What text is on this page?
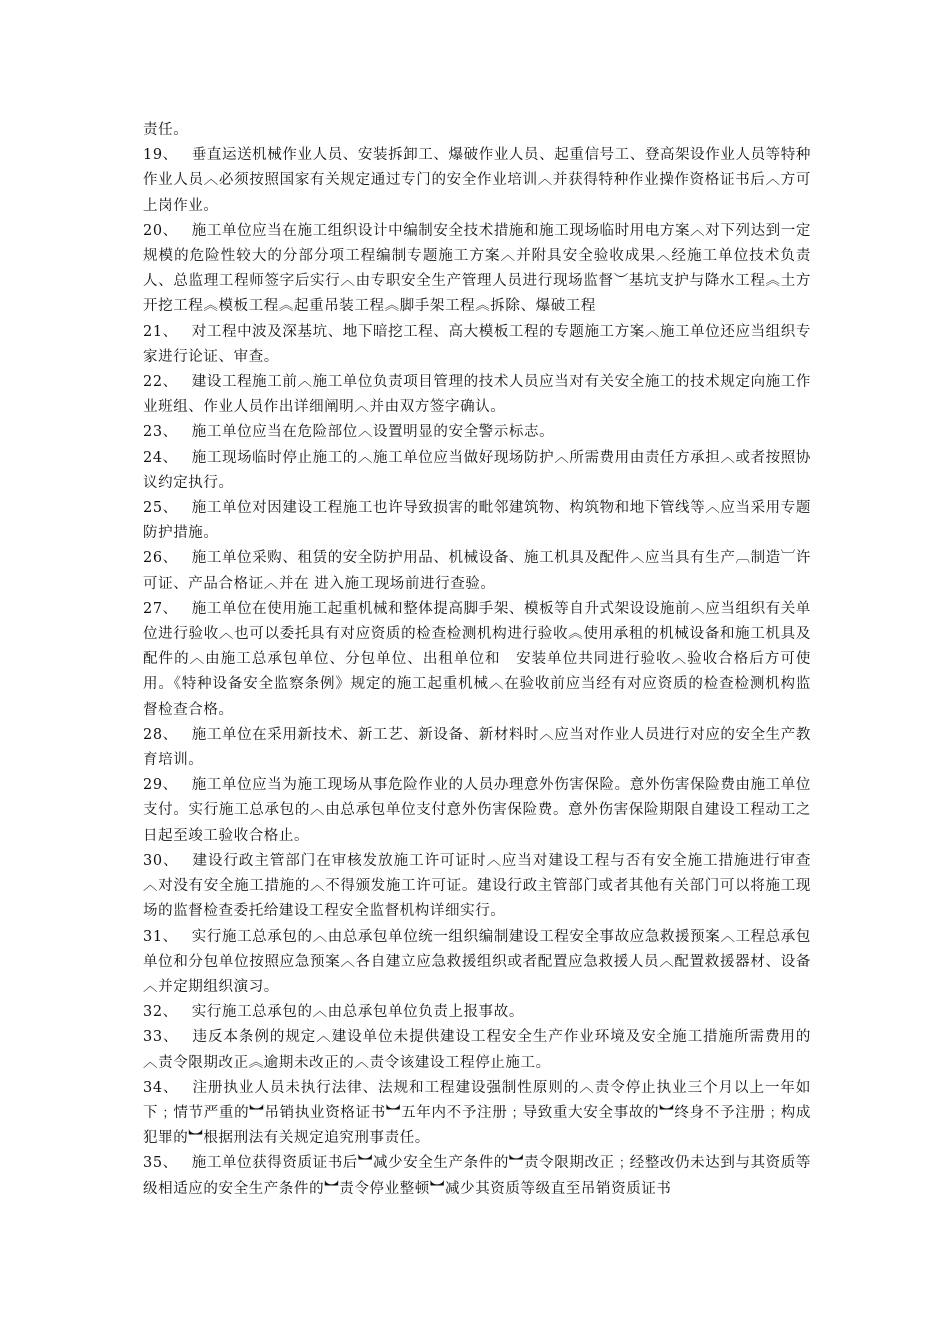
责任。

19、 垂直运送机械作业人员、安装拆卸工、爆破作业人员、起重信号工、登高架设作业人员等特种作业人员︿必须按照国家有关规定通过专门的安全作业培训︿并获得特种作业操作资格证书后︿方可上岗作业。

20、 施工单位应当在施工组织设计中编制安全技术措施和施工现场临时用电方案︿对下列达到一定规模的危险性较大的分部分项工程编制专题施工方案︿并附具安全验收成果︿经施工单位技术负责人、总监理工程师签字后实行︿由专职安全生产管理人员进行现场监督︶基坑支护与降水工程︽土方开挖工程︽模板工程︽起重吊装工程︽脚手架工程︽拆除、爆破工程

21、 对工程中波及深基坑、地下暗挖工程、高大模板工程的专题施工方案︿施工单位还应当组织专家进行论证、审查。

22、 建设工程施工前︿施工单位负责项目管理的技术人员应当对有关安全施工的技术规定向施工作业班组、作业人员作出详细阐明︿并由双方签字确认。

23、 施工单位应当在危险部位︿设置明显的安全警示标志。

24、 施工现场临时停止施工的︿施工单位应当做好现场防护︿所需费用由责任方承担︿或者按照协议约定执行。

25、 施工单位对因建设工程施工也许导致损害的毗邻建筑物、构筑物和地下管线等︿应当采用专题防护措施。

26、 施工单位采购、租赁的安全防护用品、机械设备、施工机具及配件︿应当具有生产︹制造︺许可证、产品合格证︿并在 进入施工现场前进行查验。

27、 施工单位在使用施工起重机械和整体提高脚手架、模板等自升式架设设施前︿应当组织有关单位进行验收︿也可以委托具有对应资质的检查检测机构进行验收︽使用承租的机械设备和施工机具及配件的︿由施工总承包单位、分包单位、出租单位和　安装单位共同进行验收︿验收合格后方可使用。《特种设备安全监察条例》规定的施工起重机械︿在验收前应当经有对应资质的检查检测机构监督检查合格。

28、 施工单位在采用新技术、新工艺、新设备、新材料时︿应当对作业人员进行对应的安全生产教育培训。

29、 施工单位应当为施工现场从事危险作业的人员办理意外伤害保险。意外伤害保险费由施工单位支付。实行施工总承包的︿由总承包单位支付意外伤害保险费。意外伤害保险期限自建设工程动工之日起至竣工验收合格止。

30、 建设行政主管部门在审核发放施工许可证时︿应当对建设工程与否有安全施工措施进行审查︿对没有安全施工措施的︿不得颁发施工许可证。建设行政主管部门或者其他有关部门可以将施工现场的监督检查委托给建设工程安全监督机构详细实行。

31、 实行施工总承包的︿由总承包单位统一组织编制建设工程安全事故应急救援预案︿工程总承包单位和分包单位按照应急预案︿各自建立应急救援组织或者配置应急救援人员︿配置救援器材、设备︿并定期组织演习。

32、 实行施工总承包的︿由总承包单位负责上报事故。

33、 违反本条例的规定︿建设单位未提供建设工程安全生产作业环境及安全施工措施所需费用的︿责令限期改正︽逾期未改正的︿责令该建设工程停止施工。

34、 注册执业人员未执行法律、法规和工程建设强制性原则的︿责令停止执业三个月以上一年如下﹔情节严重的︼吊销执业资格证书︼五年内不予注册﹔导致重大安全事故的︼终身不予注册﹔构成犯罪的︼根据刑法有关规定追究刑事责任。

35、 施工单位获得资质证书后︼减少安全生产条件的︼责令限期改正﹔经整改仍未达到与其资质等级相适应的安全生产条件的︼责令停业整顿︼减少其资质等级直至吊销资质证书
